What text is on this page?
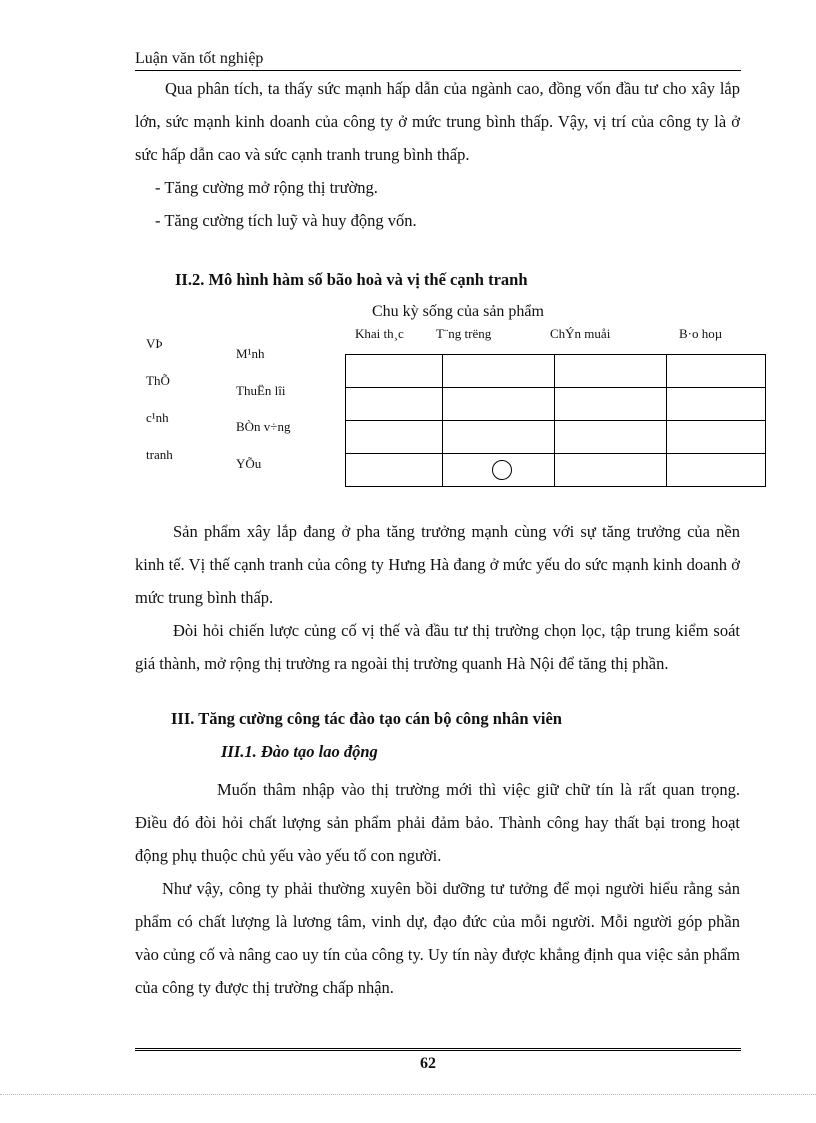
Luận văn tốt nghiệp

Qua phân tích, ta thấy sức mạnh hấp dẫn của ngành cao, đồng vốn đầu tư cho xây lắp lớn, sức mạnh kinh doanh của công ty ở mức trung bình thấp. Vậy, vị trí của công ty là ở sức hấp dẫn cao và sức cạnh tranh trung bình thấp.

- Tăng cường mở rộng thị trường.

- Tăng cường tích luỹ và huy động vốn.

II.2. Mô hình hàm số bão hoà và vị thế cạnh tranh
Chu kỳ sống của sản phẩm
Khai th¸c T¨ng trëng	ChÝn muåi	B·o hoµ
VÞ
ThÕ
c¹nh
tranh
M¹nh
ThuËn lîi
BÒn v÷ng
YÕu

Sản phẩm xây lắp đang ở pha tăng trưởng mạnh cùng với sự tăng trưởng của nền kinh tế. Vị thế cạnh tranh của công ty Hưng Hà đang ở mức yếu do sức mạnh kinh doanh ở mức trung bình thấp.

Đòi hỏi chiến lược củng cố vị thế và đầu tư thị trường chọn lọc, tập trung kiểm soát giá thành, mở rộng thị trường ra ngoài thị trường quanh Hà Nội để tăng thị phần.

III. Tăng cường công tác đào tạo cán bộ công nhân viên
III.1. Đào tạo lao động

Muốn thâm nhập vào thị trường mới thì việc giữ chữ tín là rất quan trọng. Điều đó đòi hỏi chất lượng sản phẩm phải đảm bảo. Thành công hay thất bại trong hoạt động phụ thuộc chủ yếu vào yếu tố con người.

Như vậy, công ty phải thường xuyên bồi dưỡng tư tưởng để mọi người hiểu rằng sản phẩm có chất lượng là lương tâm, vinh dự, đạo đức của mỗi người. Mỗi người góp phần vào củng cố và nâng cao uy tín của công ty. Uy tín này được khẳng định qua việc sản phẩm của công ty được thị trường chấp nhận.

62
